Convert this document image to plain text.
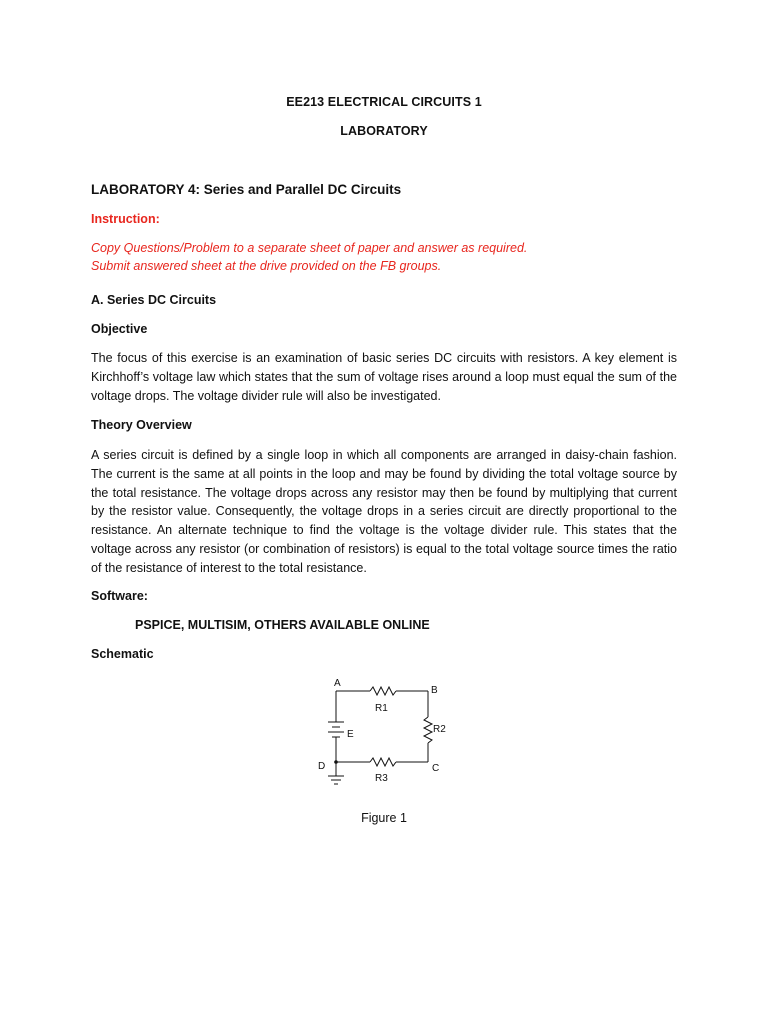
EE213 ELECTRICAL CIRCUITS 1
LABORATORY
LABORATORY 4: Series and Parallel DC Circuits
Instruction:
Copy Questions/Problem to a separate sheet of paper and answer as required.
Submit answered sheet at the drive provided on the FB groups.
A. Series DC Circuits
Objective
The focus of this exercise is an examination of basic series DC circuits with resistors. A key element is Kirchhoff’s voltage law which states that the sum of voltage rises around a loop must equal the sum of the voltage drops. The voltage divider rule will also be investigated.
Theory Overview
A series circuit is defined by a single loop in which all components are arranged in daisy-chain fashion. The current is the same at all points in the loop and may be found by dividing the total voltage source by the total resistance. The voltage drops across any resistor may then be found by multiplying that current by the resistor value. Consequently, the voltage drops in a series circuit are directly proportional to the resistance. An alternate technique to find the voltage is the voltage divider rule. This states that the voltage across any resistor (or combination of resistors) is equal to the total voltage source times the ratio of the resistance of interest to the total resistance.
Software:
PSPICE, MULTISIM, OTHERS AVAILABLE ONLINE
Schematic
A
B
C
D
R1
R2
R3
E
Figure 1
